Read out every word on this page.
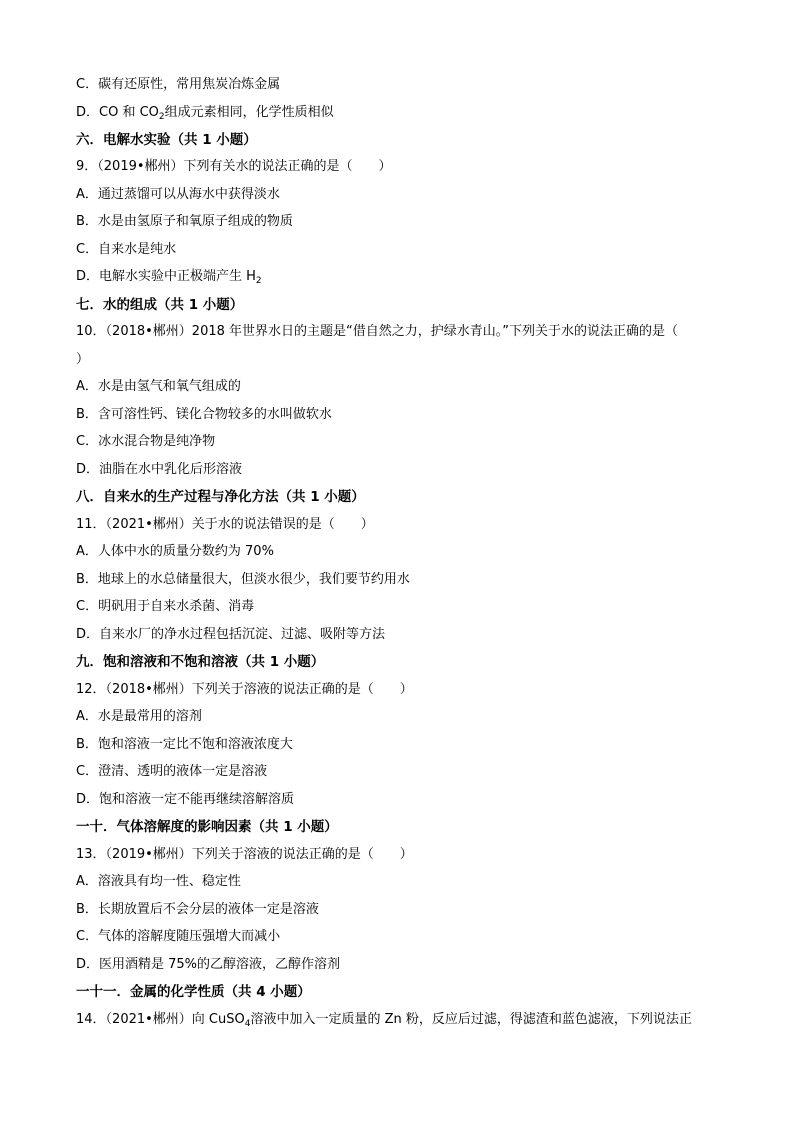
C．碳有还原性，常用焦炭冶炼金属
D．CO 和 $CO_2$组成元素相同，化学性质相似
六．电解水实验（共 1 小题）
9．（2019•郴州）下列有关水的说法正确的是（　　）
A．通过蒸馏可以从海水中获得淡水
B．水是由氢原子和氧原子组成的物质
C．自来水是纯水
D．电解水实验中正极端产生 $H_2$
七．水的组成（共 1 小题）
10．（2018•郴州）2018 年世界水日的主题是“借自然之力，护绿水青山。”下列关于水的说法正确的是（
）
A．水是由氢气和氧气组成的
B．含可溶性钙、镁化合物较多的水叫做软水
C．冰水混合物是纯净物
D．油脂在水中乳化后形溶液
八．自来水的生产过程与净化方法（共 1 小题）
11．（2021•郴州）关于水的说法错误的是（　　）
A．人体中水的质量分数约为 70%
B．地球上的水总储量很大，但淡水很少，我们要节约用水
C．明矾用于自来水杀菌、消毒
D．自来水厂的净水过程包括沉淀、过滤、吸附等方法
九．饱和溶液和不饱和溶液（共 1 小题）
12．（2018•郴州）下列关于溶液的说法正确的是（　　）
A．水是最常用的溶剂
B．饱和溶液一定比不饱和溶液浓度大
C．澄清、透明的液体一定是溶液
D．饱和溶液一定不能再继续溶解溶质
一十．气体溶解度的影响因素（共 1 小题）
13．（2019•郴州）下列关于溶液的说法正确的是（　　）
A．溶液具有均一性、稳定性
B．长期放置后不会分层的液体一定是溶液
C．气体的溶解度随压强增大而减小
D．医用酒精是 75%的乙醇溶液，乙醇作溶剂
一十一．金属的化学性质（共 4 小题）
14．（2021•郴州）向 CuSO$_4$溶液中加入一定质量的 Zn 粉，反应后过滤，得滤渣和蓝色滤液，下列说法正
